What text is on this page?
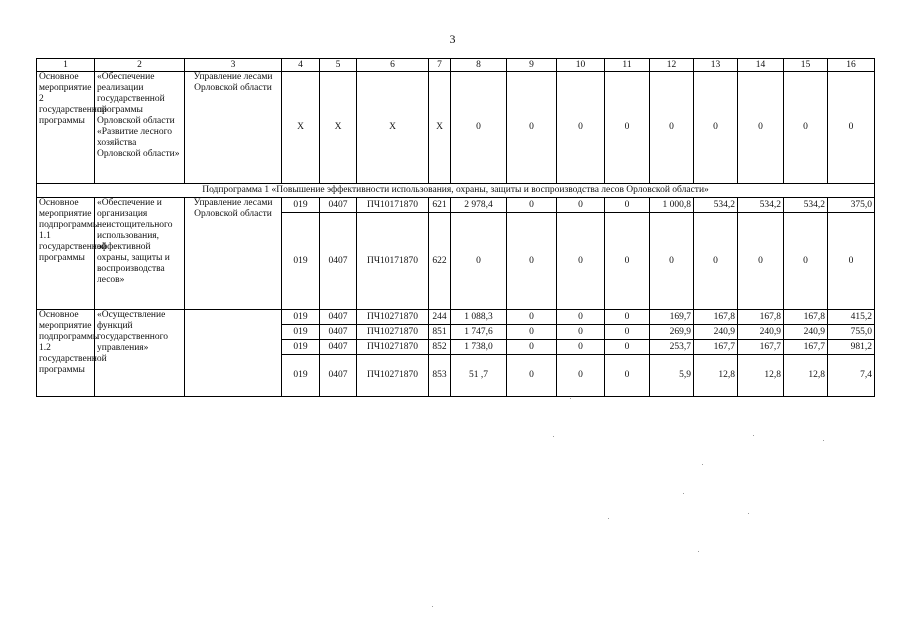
3
1	2	3	4	5	6	7	8	9	10	11	12	13	14	15	16
Основное мероприятие 2 государственной программы	«Обеспечение реализации государственной программы Орловской области «Развитие лесного хозяйства Орловской области»	Управление лесами Орловской области	Х	Х	Х	Х	0	0	0	0	0	0	0	0	0
Подпрограмма 1 «Повышение эффективности использования, охраны, защиты и воспроизводства лесов Орловской области»															
Основное мероприятие подпрограммы 1.1 государственной программы	«Обеспечение и организация неистощительного использования, эффективной охраны, защиты и воспроизводства лесов»	Управление лесами Орловской области	019	0407	ПЧ10171870	621	2 978,4	0	0	0	1 000,8	534,2	534,2	534,2	375,0
			019	0407	ПЧ10171870	622	0	0	0	0	0	0	0	0	0
Основное мероприятие подпрограммы 1.2 государственной программы	«Осуществление функций государственного управления»		019	0407	ПЧ10271870	244	1 088,3	0	0	0	169,7	167,8	167,8	167,8	415,2
			019	0407	ПЧ10271870	851	1 747,6	0	0	0	269,9	240,9	240,9	240,9	755,0
			019	0407	ПЧ10271870	852	1 738,0	0	0	0	253,7	167,7	167,7	167,7	981,2
			019	0407	ПЧ10271870	853	51 ,7	0	0	0	5,9	12,8	12,8	12,8	7,4
